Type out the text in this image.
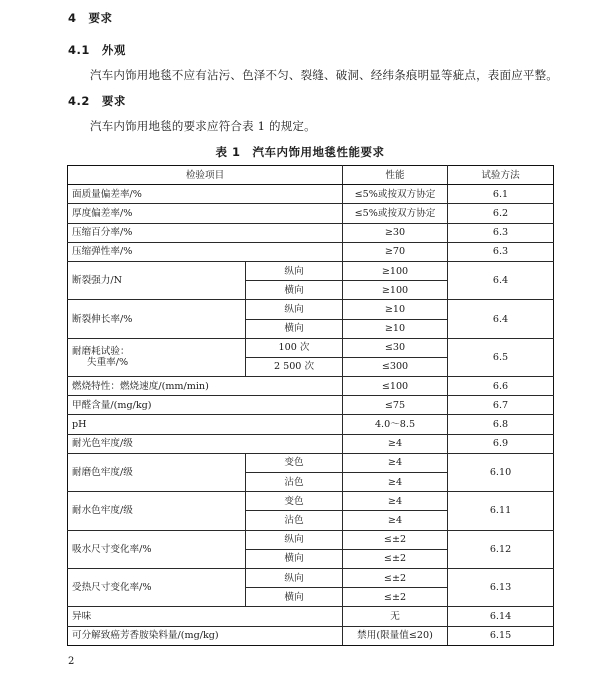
4　要求
4.1　外观
汽车内饰用地毯不应有沾污、色泽不匀、裂缝、破洞、经纬条痕明显等疵点，表面应平整。
4.2　要求
汽车内饰用地毯的要求应符合表 1 的规定。
表 1　汽车内饰用地毯性能要求
检验项目		性能	试验方法
面质量偏差率/%		≤5%或按双方协定	6.1
厚度偏差率/%		≤5%或按双方协定	6.2
压缩百分率/%		≥30	6.3
压缩弹性率/%		≥70	6.3
断裂强力/N	纵向	≥100	6.4
	横向	≥100	
断裂伸长率/%	纵向	≥10	6.4
	横向	≥10	
耐磨耗试验：
失重率/%	100 次	≤30	6.5
	2 500 次	≤300	
燃烧特性：燃烧速度/(mm/min)		≤100	6.6
甲醛含量/(mg/kg)		≤75	6.7
pH		4.0～8.5	6.8
耐光色牢度/级		≥4	6.9
耐磨色牢度/级	变色	≥4	6.10
	沾色	≥4	
耐水色牢度/级	变色	≥4	6.11
	沾色	≥4	
吸水尺寸变化率/%	纵向	≤±2	6.12
	横向	≤±2	
受热尺寸变化率/%	纵向	≤±2	6.13
	横向	≤±2	
异味		无	6.14
可分解致癌芳香胺染料量/(mg/kg)		禁用(限量值≤20)	6.15
2
